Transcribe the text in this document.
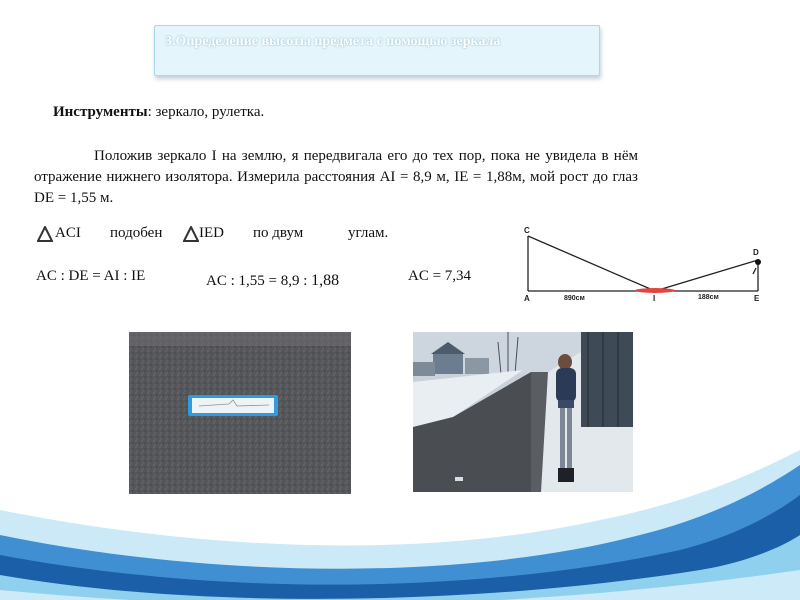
3.Определение высоты предмета с помощью зеркала
Инструменты: зеркало, рулетка.
Положив зеркало I на землю, я передвигала его до тех пор, пока не увидела в нём отражение нижнего изолятора. Измерила расстояния AI = 8,9 м, IE = 1,88м, мой рост до глаз DE = 1,55 м.
ACI подобен IED по двум	углам.
AC : DE = AI : IE	AC : 1,55 = 8,9 : 1,88	AC = 7,34
C
D
A	I	E
890см	188см
